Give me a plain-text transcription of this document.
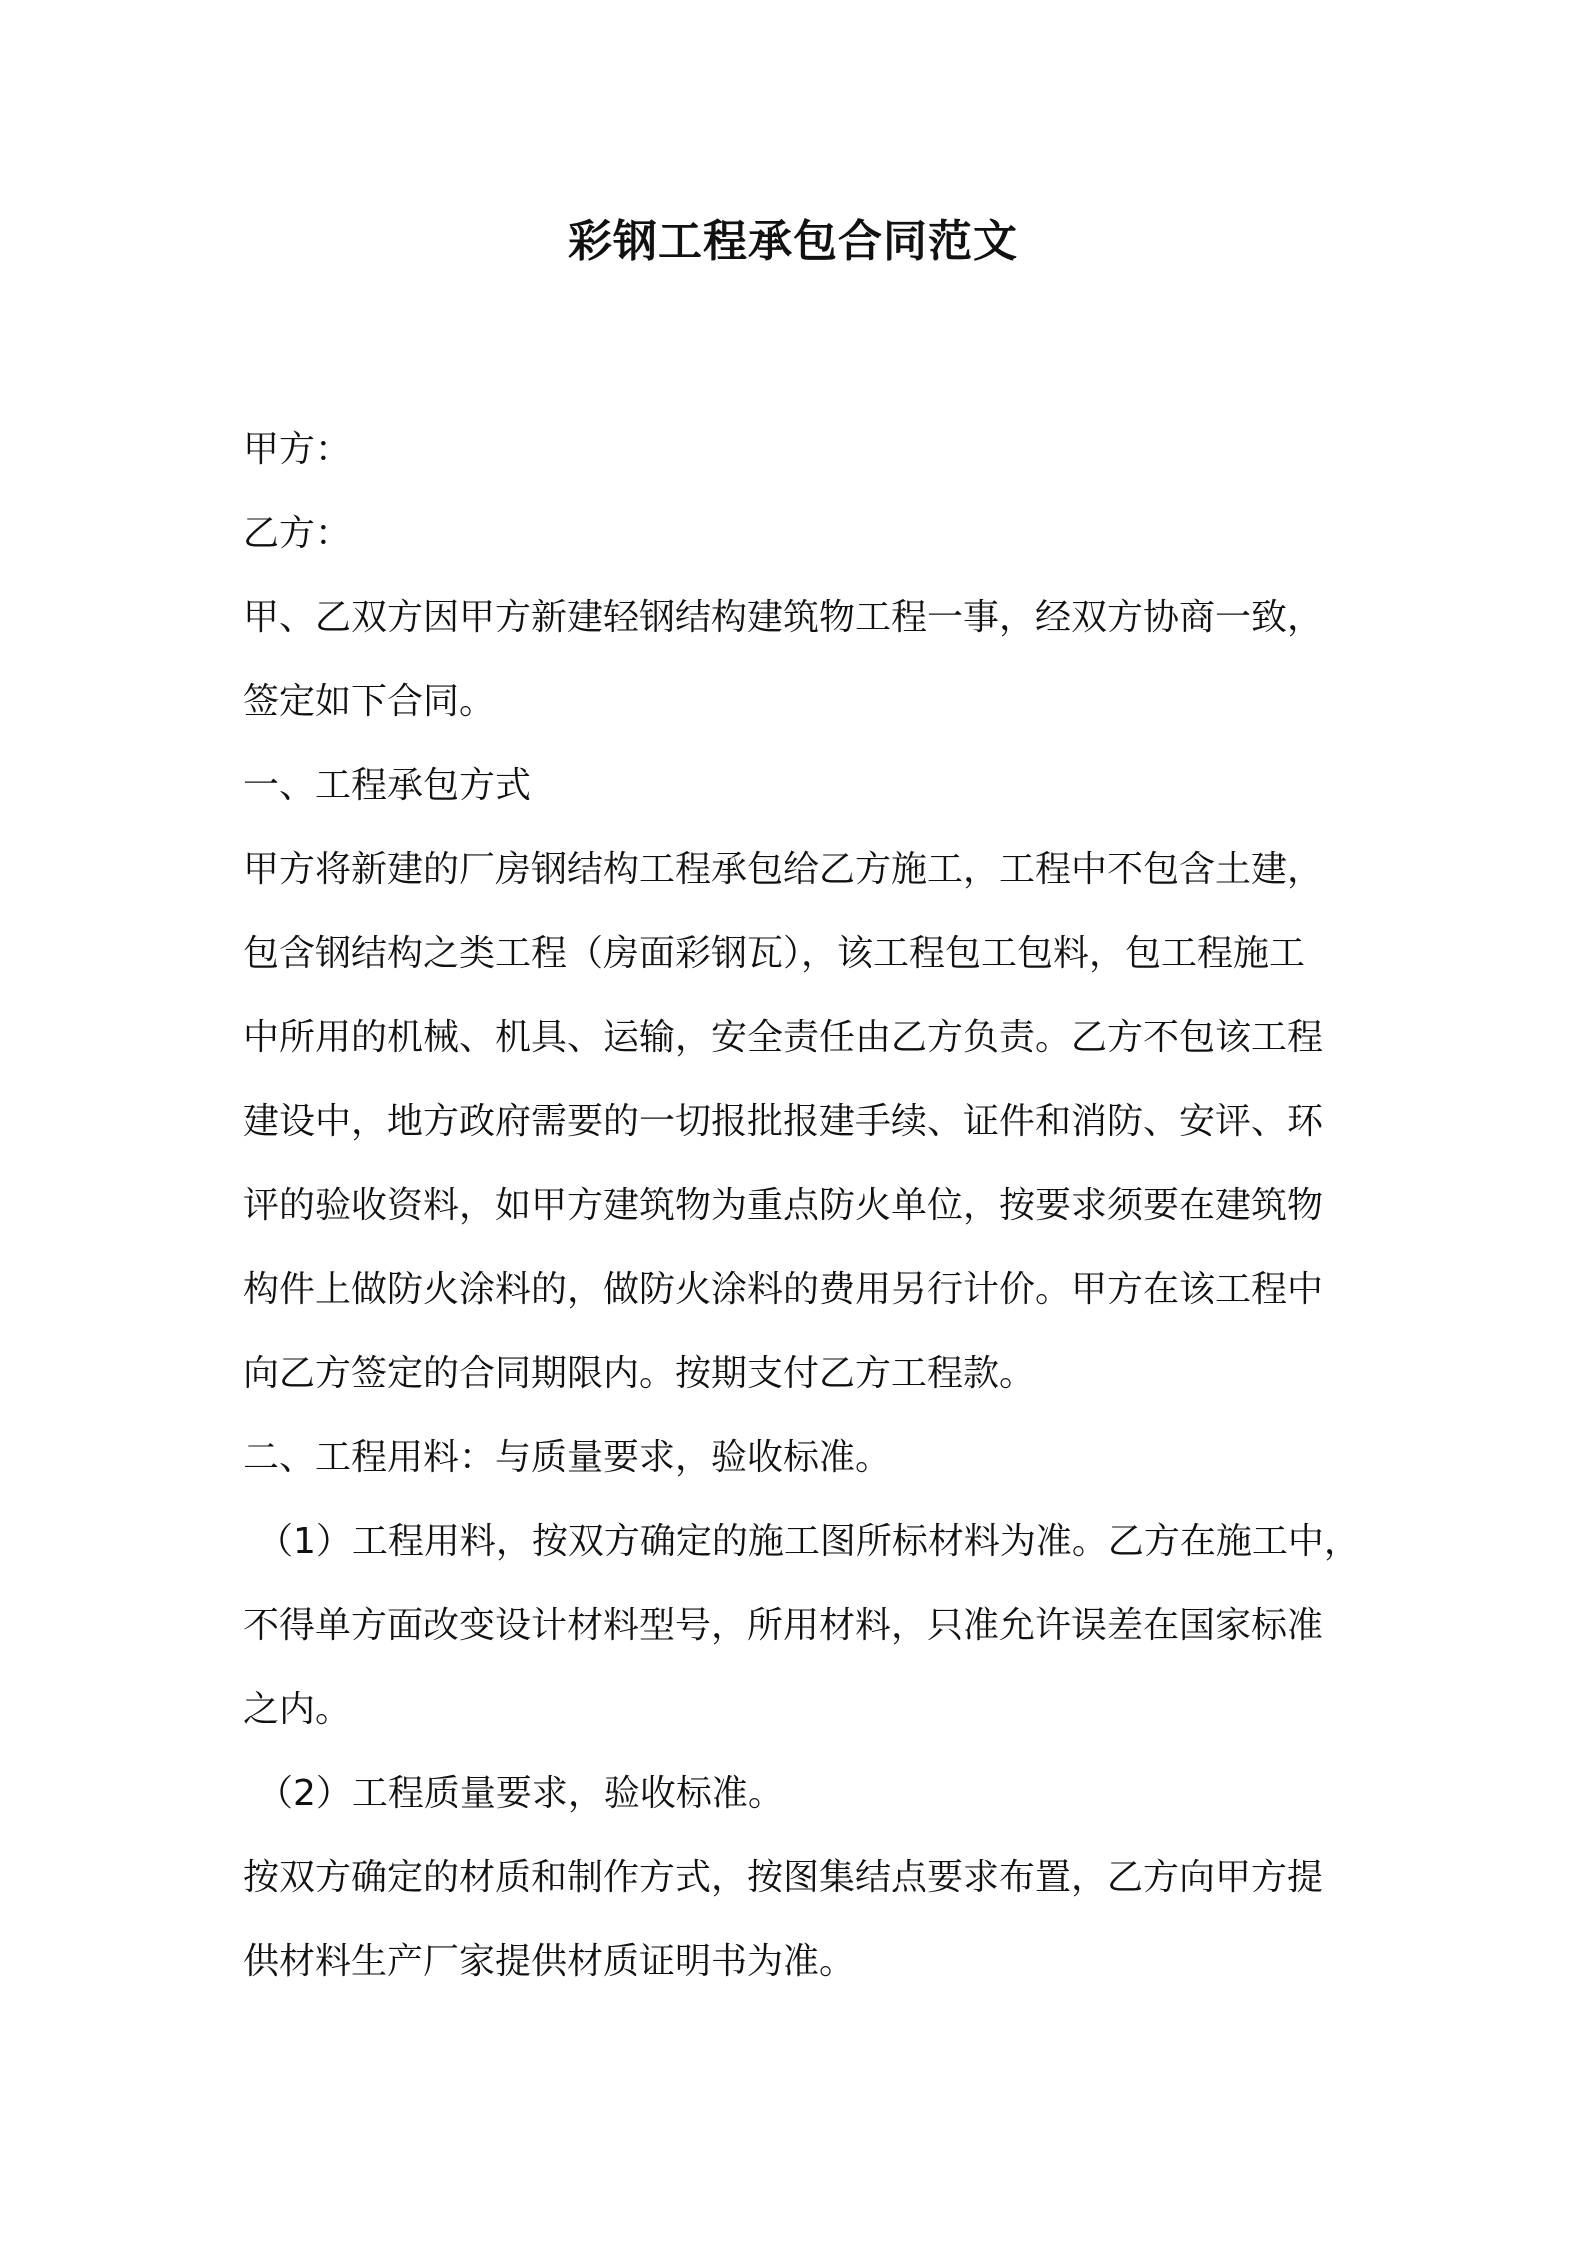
彩钢工程承包合同范文

甲方：

乙方：

甲、乙双方因甲方新建轻钢结构建筑物工程一事，经双方协商一致，

签定如下合同。

一、工程承包方式

甲方将新建的厂房钢结构工程承包给乙方施工，工程中不包含土建，

包含钢结构之类工程（房面彩钢瓦），该工程包工包料，包工程施工

中所用的机械、机具、运输，安全责任由乙方负责。乙方不包该工程

建设中，地方政府需要的一切报批报建手续、证件和消防、安评、环

评的验收资料，如甲方建筑物为重点防火单位，按要求须要在建筑物

构件上做防火涂料的，做防火涂料的费用另行计价。甲方在该工程中

向乙方签定的合同期限内。按期支付乙方工程款。

二、工程用料：与质量要求，验收标准。

（1）工程用料，按双方确定的施工图所标材料为准。乙方在施工中，

不得单方面改变设计材料型号，所用材料，只准允许误差在国家标准

之内。

（2）工程质量要求，验收标准。

按双方确定的材质和制作方式，按图集结点要求布置，乙方向甲方提

供材料生产厂家提供材质证明书为准。
